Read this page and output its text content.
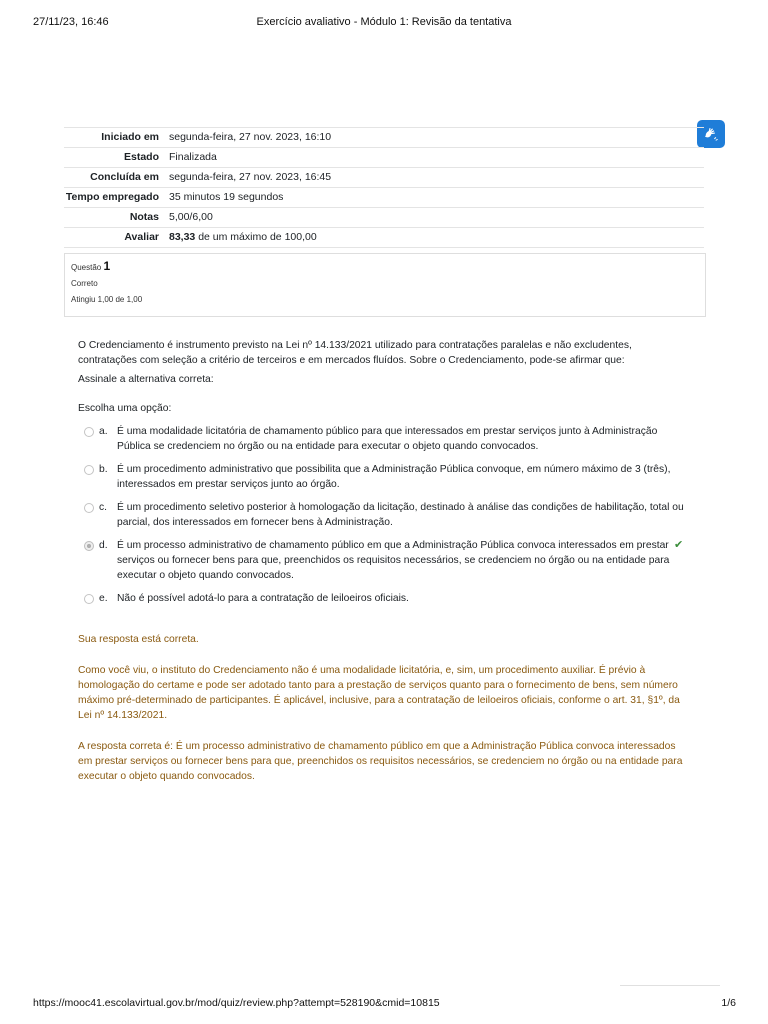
27/11/23, 16:46	Exercício avaliativo - Módulo 1: Revisão da tentativa
Iniciado em	segunda-feira, 27 nov. 2023, 16:10
Estado	Finalizada
Concluída em	segunda-feira, 27 nov. 2023, 16:45
Tempo empregado	35 minutos 19 segundos
Notas	5,00/6,00
Avaliar	83,33 de um máximo de 100,00
Questão 1
Correto
Atingiu 1,00 de 1,00

O Credenciamento é instrumento previsto na Lei nº 14.133/2021 utilizado para contratações paralelas e não excludentes, contratações com seleção a critério de terceiros e em mercados fluídos. Sobre o Credenciamento, pode-se afirmar que:

Assinale a alternativa correta:

Escolha uma opção:

a. É uma modalidade licitatória de chamamento público para que interessados em prestar serviços junto à Administração Pública se credenciem no órgão ou na entidade para executar o objeto quando convocados.
b. É um procedimento administrativo que possibilita que a Administração Pública convoque, em número máximo de 3 (três), interessados em prestar serviços junto ao órgão.
c. É um procedimento seletivo posterior à homologação da licitação, destinado à análise das condições de habilitação, total ou parcial, dos interessados em fornecer bens à Administração.
d. É um processo administrativo de chamamento público em que a Administração Pública convoca interessados em prestar serviços ou fornecer bens para que, preenchidos os requisitos necessários, se credenciem no órgão ou na entidade para executar o objeto quando convocados.
✔
e. Não é possível adotá-lo para a contratação de leiloeiros oficiais.

Sua resposta está correta.

Como você viu, o instituto do Credenciamento não é uma modalidade licitatória, e, sim, um procedimento auxiliar. É prévio à homologação do certame e pode ser adotado tanto para a prestação de serviços quanto para o fornecimento de bens, sem número máximo pré-determinado de participantes. É aplicável, inclusive, para a contratação de leiloeiros oficiais, conforme o art. 31, §1º, da Lei nº 14.133/2021.

A resposta correta é: É um processo administrativo de chamamento público em que a Administração Pública convoca interessados em prestar serviços ou fornecer bens para que, preenchidos os requisitos necessários, se credenciem no órgão ou na entidade para executar o objeto quando convocados.

https://mooc41.escolavirtual.gov.br/mod/quiz/review.php?attempt=528190&cmid=10815	1/6
